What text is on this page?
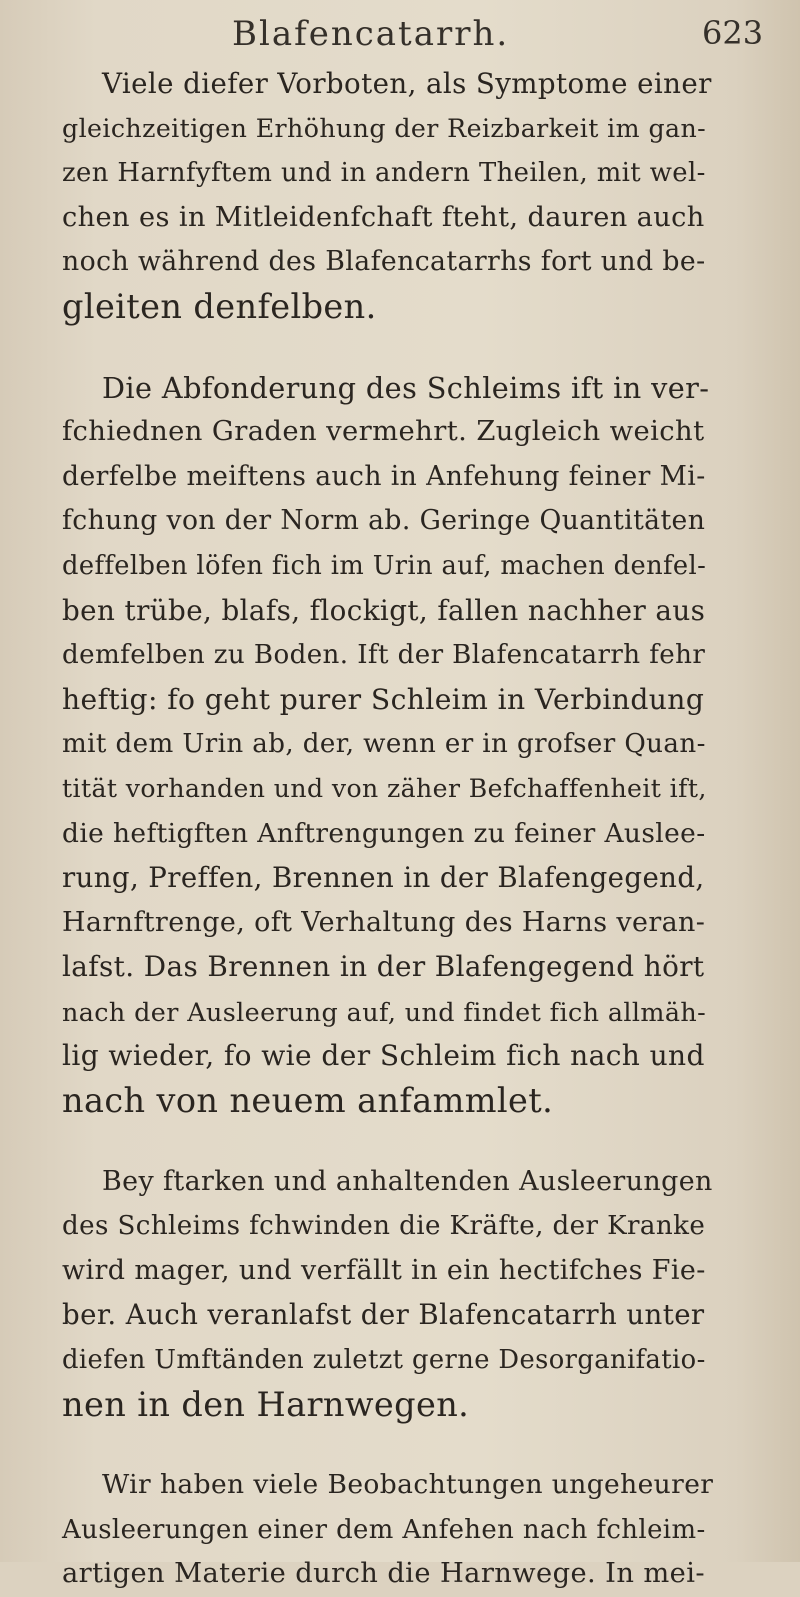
Blafencatarrh.	623
Viele diefer Vorboten, als Symptome einer
gleichzeitigen Erhöhung der Reizbarkeit im gan-
zen Harnfyftem und in andern Theilen, mit wel-
chen es in Mitleidenfchaft fteht, dauren auch
noch während des Blafencatarrhs fort und be-
gleiten denfelben.
Die Abfonderung des Schleims ift in ver-
fchiednen Graden vermehrt. Zugleich weicht
derfelbe meiftens auch in Anfehung feiner Mi-
fchung von der Norm ab. Geringe Quantitäten
deffelben löfen fich im Urin auf, machen denfel-
ben trübe, blafs, flockigt, fallen nachher aus
demfelben zu Boden. Ift der Blafencatarrh fehr
heftig: fo geht purer Schleim in Verbindung
mit dem Urin ab, der, wenn er in grofser Quan-
tität vorhanden und von zäher Befchaffenheit ift,
die heftigften Anftrengungen zu feiner Auslee-
rung, Preffen, Brennen in der Blafengegend,
Harnftrenge, oft Verhaltung des Harns veran-
lafst. Das Brennen in der Blafengegend hört
nach der Ausleerung auf, und findet fich allmäh-
lig wieder, fo wie der Schleim fich nach und
nach von neuem anfammlet.
Bey ftarken und anhaltenden Ausleerungen
des Schleims fchwinden die Kräfte, der Kranke
wird mager, und verfällt in ein hectifches Fie-
ber. Auch veranlafst der Blafencatarrh unter
diefen Umftänden zuletzt gerne Desorganifatio-
nen in den Harnwegen.
Wir haben viele Beobachtungen ungeheurer
Ausleerungen einer dem Anfehen nach fchleim-
artigen Materie durch die Harnwege. In mei-
